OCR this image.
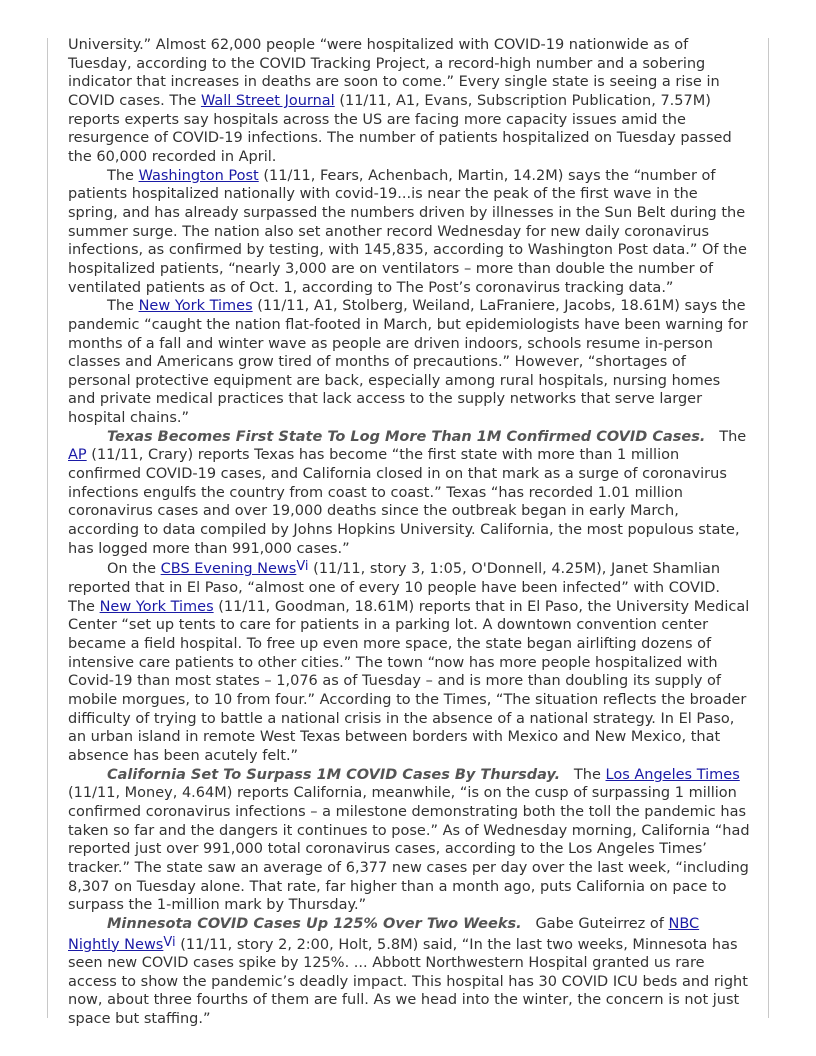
University.” Almost 62,000 people “were hospitalized with COVID-19 nationwide as of Tuesday, according to the COVID Tracking Project, a record-high number and a sobering indicator that increases in deaths are soon to come.” Every single state is seeing a rise in COVID cases. The Wall Street Journal (11/11, A1, Evans, Subscription Publication, 7.57M) reports experts say hospitals across the US are facing more capacity issues amid the resurgence of COVID-19 infections. The number of patients hospitalized on Tuesday passed the 60,000 recorded in April.

The Washington Post (11/11, Fears, Achenbach, Martin, 14.2M) says the “number of patients hospitalized nationally with covid-19...is near the peak of the first wave in the spring, and has already surpassed the numbers driven by illnesses in the Sun Belt during the summer surge. The nation also set another record Wednesday for new daily coronavirus infections, as confirmed by testing, with 145,835, according to Washington Post data.” Of the hospitalized patients, “nearly 3,000 are on ventilators – more than double the number of ventilated patients as of Oct. 1, according to The Post’s coronavirus tracking data.”

The New York Times (11/11, A1, Stolberg, Weiland, LaFraniere, Jacobs, 18.61M) says the pandemic “caught the nation flat-footed in March, but epidemiologists have been warning for months of a fall and winter wave as people are driven indoors, schools resume in-person classes and Americans grow tired of months of precautions.” However, “shortages of personal protective equipment are back, especially among rural hospitals, nursing homes and private medical practices that lack access to the supply networks that serve larger hospital chains.”

Texas Becomes First State To Log More Than 1M Confirmed COVID Cases.   The AP (11/11, Crary) reports Texas has become “the first state with more than 1 million confirmed COVID-19 cases, and California closed in on that mark as a surge of coronavirus infections engulfs the country from coast to coast.” Texas “has recorded 1.01 million coronavirus cases and over 19,000 deaths since the outbreak began in early March, according to data compiled by Johns Hopkins University. California, the most populous state, has logged more than 991,000 cases.”

On the CBS Evening NewsVi (11/11, story 3, 1:05, O'Donnell, 4.25M), Janet Shamlian reported that in El Paso, “almost one of every 10 people have been infected” with COVID. The New York Times (11/11, Goodman, 18.61M) reports that in El Paso, the University Medical Center “set up tents to care for patients in a parking lot. A downtown convention center became a field hospital. To free up even more space, the state began airlifting dozens of intensive care patients to other cities.” The town “now has more people hospitalized with Covid-19 than most states – 1,076 as of Tuesday – and is more than doubling its supply of mobile morgues, to 10 from four.” According to the Times, “The situation reflects the broader difficulty of trying to battle a national crisis in the absence of a national strategy. In El Paso, an urban island in remote West Texas between borders with Mexico and New Mexico, that absence has been acutely felt.”

California Set To Surpass 1M COVID Cases By Thursday.   The Los Angeles Times (11/11, Money, 4.64M) reports California, meanwhile, “is on the cusp of surpassing 1 million confirmed coronavirus infections – a milestone demonstrating both the toll the pandemic has taken so far and the dangers it continues to pose.” As of Wednesday morning, California “had reported just over 991,000 total coronavirus cases, according to the Los Angeles Times’ tracker.” The state saw an average of 6,377 new cases per day over the last week, “including 8,307 on Tuesday alone. That rate, far higher than a month ago, puts California on pace to surpass the 1-million mark by Thursday.”

Minnesota COVID Cases Up 125% Over Two Weeks.   Gabe Guteirrez of NBC Nightly NewsVi (11/11, story 2, 2:00, Holt, 5.8M) said, “In the last two weeks, Minnesota has seen new COVID cases spike by 125%. ... Abbott Northwestern Hospital granted us rare access to show the pandemic’s deadly impact. This hospital has 30 COVID ICU beds and right now, about three fourths of them are full. As we head into the winter, the concern is not just space but staffing.”
